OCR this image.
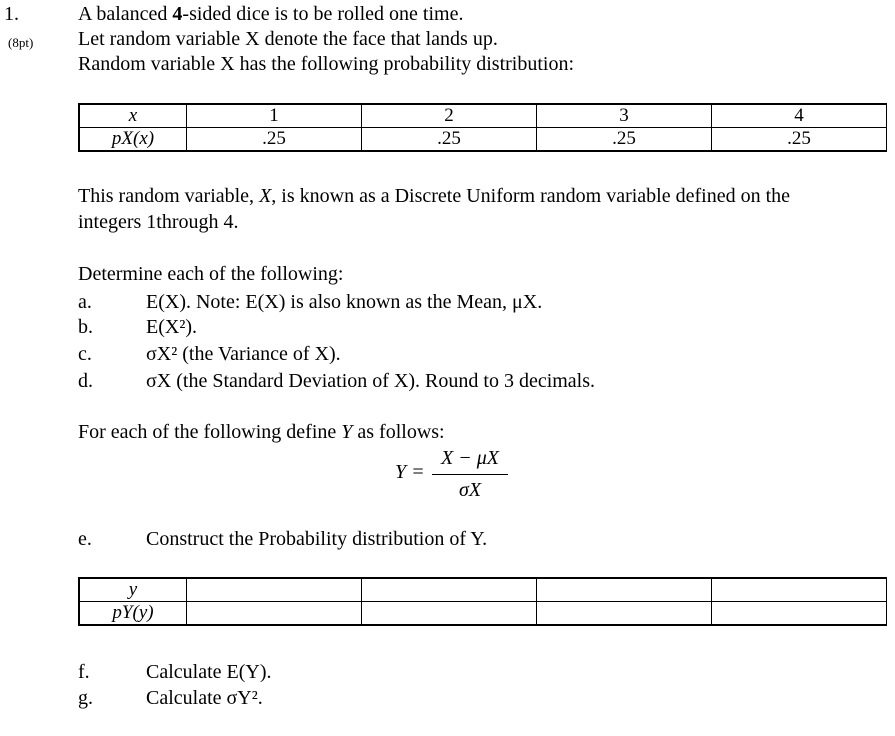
1.
(8pt)
A balanced 4-sided dice is to be rolled one time.
Let random variable X denote the face that lands up.
Random variable X has the following probability distribution:
x	1	2	3	4
pX(x)	.25	.25	.25	.25
This random variable, X, is known as a Discrete Uniform random variable defined on the
integers 1through 4.
Determine each of the following:
a.	E(X). Note: E(X) is also known as the Mean, μX.
b.	E(X²).
c.	σX² (the Variance of X).
d.	σX (the Standard Deviation of X). Round to 3 decimals.
For each of the following define Y as follows:
Y =
X − μX
σX
e.	Construct the Probability distribution of Y.
y				
pY(y)				
f.	Calculate E(Y).
g.	Calculate σY².
